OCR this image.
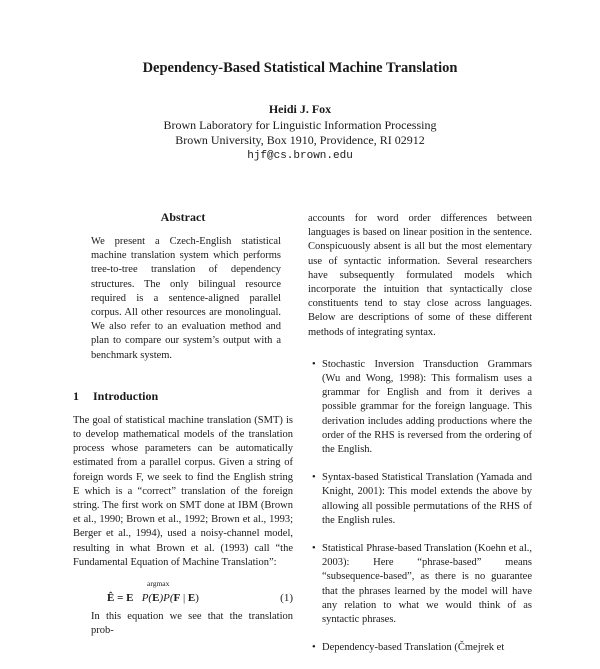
Dependency-Based Statistical Machine Translation
Heidi J. Fox
Brown Laboratory for Linguistic Information Processing
Brown University, Box 1910, Providence, RI 02912
hjf@cs.brown.edu
Abstract

We present a Czech-English statistical machine translation system which performs tree-to-tree translation of dependency structures. The only bilingual resource required is a sentence-aligned parallel corpus. All other resources are monolingual. We also refer to an evaluation method and plan to compare our system’s output with a benchmark system.

1 Introduction

The goal of statistical machine translation (SMT) is to develop mathematical models of the translation process whose parameters can be automatically estimated from a parallel corpus. Given a string of foreign words F, we seek to find the English string E which is a “correct” translation of the foreign string. The first work on SMT done at IBM (Brown et al., 1990; Brown et al., 1992; Brown et al., 1993; Berger et al., 1994), used a noisy-channel model, resulting in what Brown et al. (1993) call “the Fundamental Equation of Machine Translation”:

argmax
Ê = E P(E)P(F | E)	(1)

In this equation we see that the translation prob-

accounts for word order differences between languages is based on linear position in the sentence. Conspicuously absent is all but the most elementary use of syntactic information. Several researchers have subsequently formulated models which incorporate the intuition that syntactically close constituents tend to stay close across languages. Below are descriptions of some of these different methods of integrating syntax.

• Stochastic Inversion Transduction Grammars (Wu and Wong, 1998): This formalism uses a grammar for English and from it derives a possible grammar for the foreign language. This derivation includes adding productions where the order of the RHS is reversed from the ordering of the English.
• Syntax-based Statistical Translation (Yamada and Knight, 2001): This model extends the above by allowing all possible permutations of the RHS of the English rules.
• Statistical Phrase-based Translation (Koehn et al., 2003): Here “phrase-based” means “subsequence-based”, as there is no guarantee that the phrases learned by the model will have any relation to what we would think of as syntactic phrases.
• Dependency-based Translation (Čmejrek et
